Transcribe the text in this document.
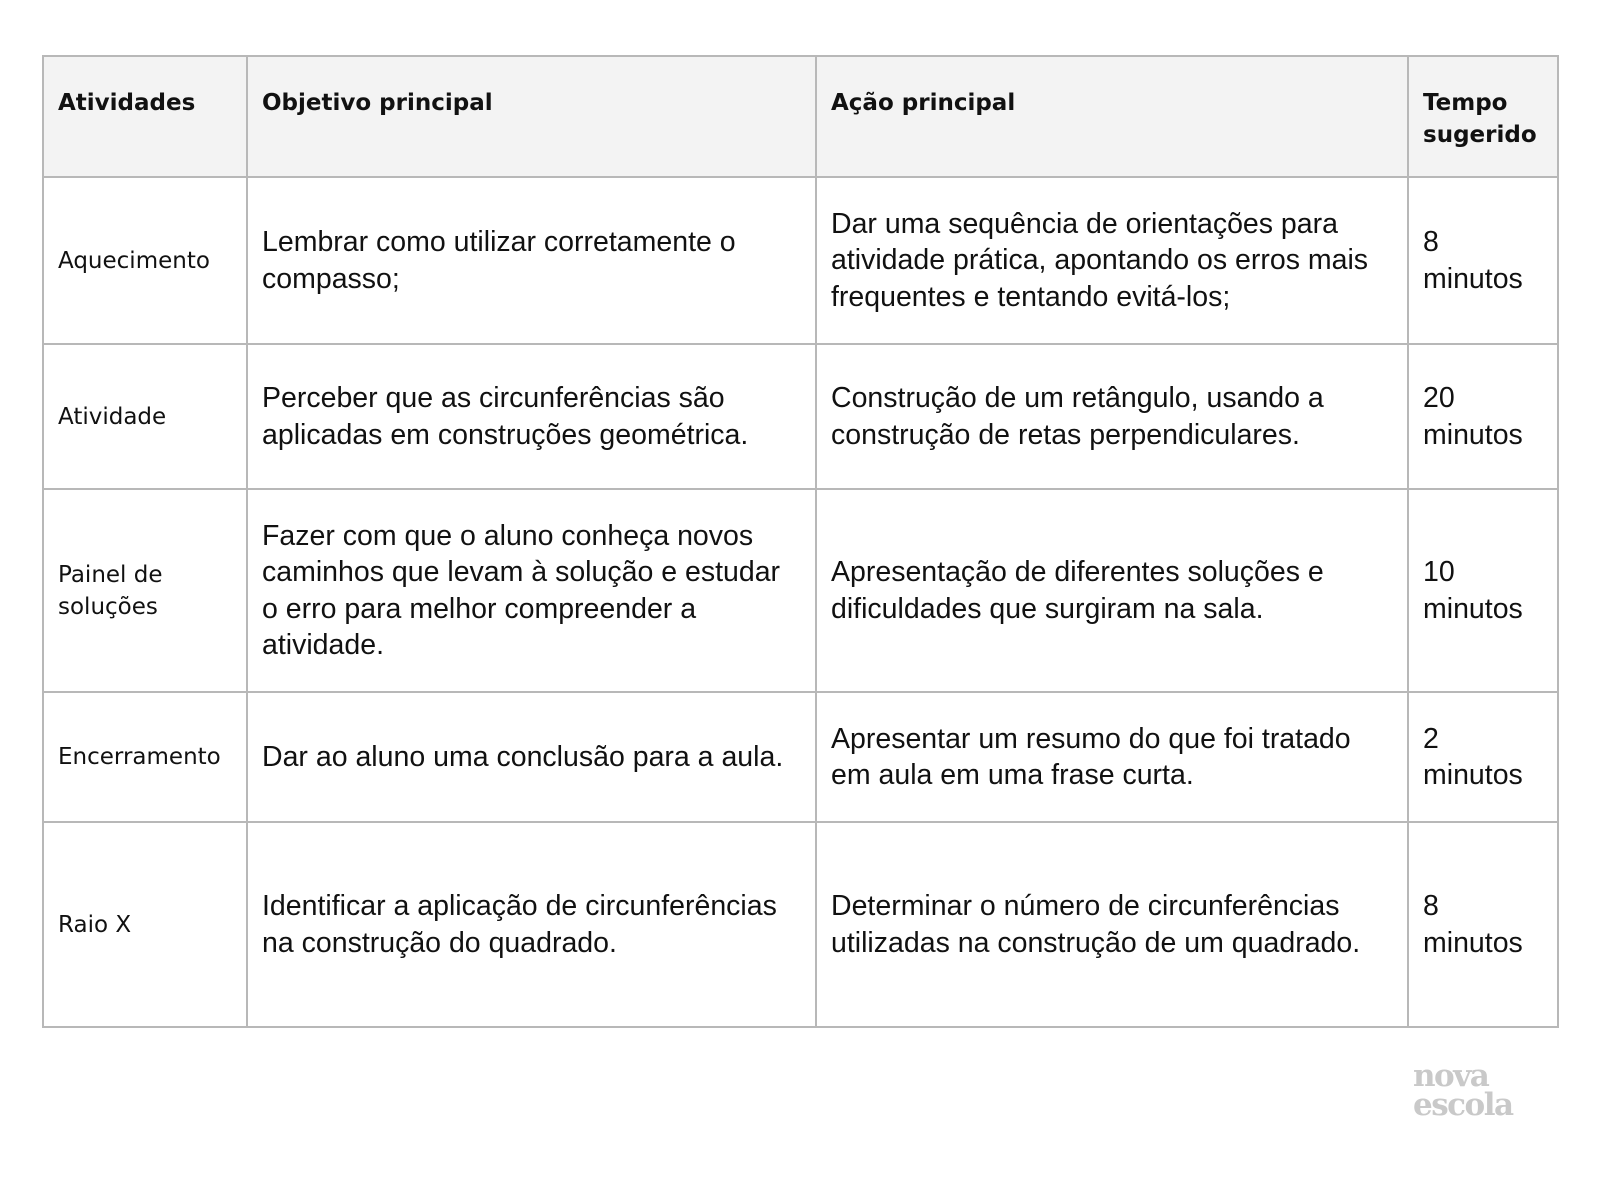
Atividades	Objetivo principal	Ação principal	Tempo sugerido
Aquecimento	Lembrar como utilizar corretamente o compasso;	Dar uma sequência de orientações para atividade prática, apontando os erros mais frequentes e tentando evitá-los;	8 minutos
Atividade	Perceber que as circunferências são aplicadas em construções geométrica.	Construção de um retângulo, usando a construção de retas perpendiculares.	20 minutos
Painel de soluções	Fazer com que o aluno conheça novos caminhos que levam à solução e estudar o erro para melhor compreender a atividade.	Apresentação de diferentes soluções e dificuldades que surgiram na sala.	10 minutos
Encerramento	Dar ao aluno uma conclusão para a aula.	Apresentar um resumo do que foi tratado em aula em uma frase curta.	2 minutos
Raio X	Identificar a aplicação de circunferências na construção do quadrado.	Determinar o número de circunferências utilizadas na construção de um quadrado.	8 minutos
nova
escola
